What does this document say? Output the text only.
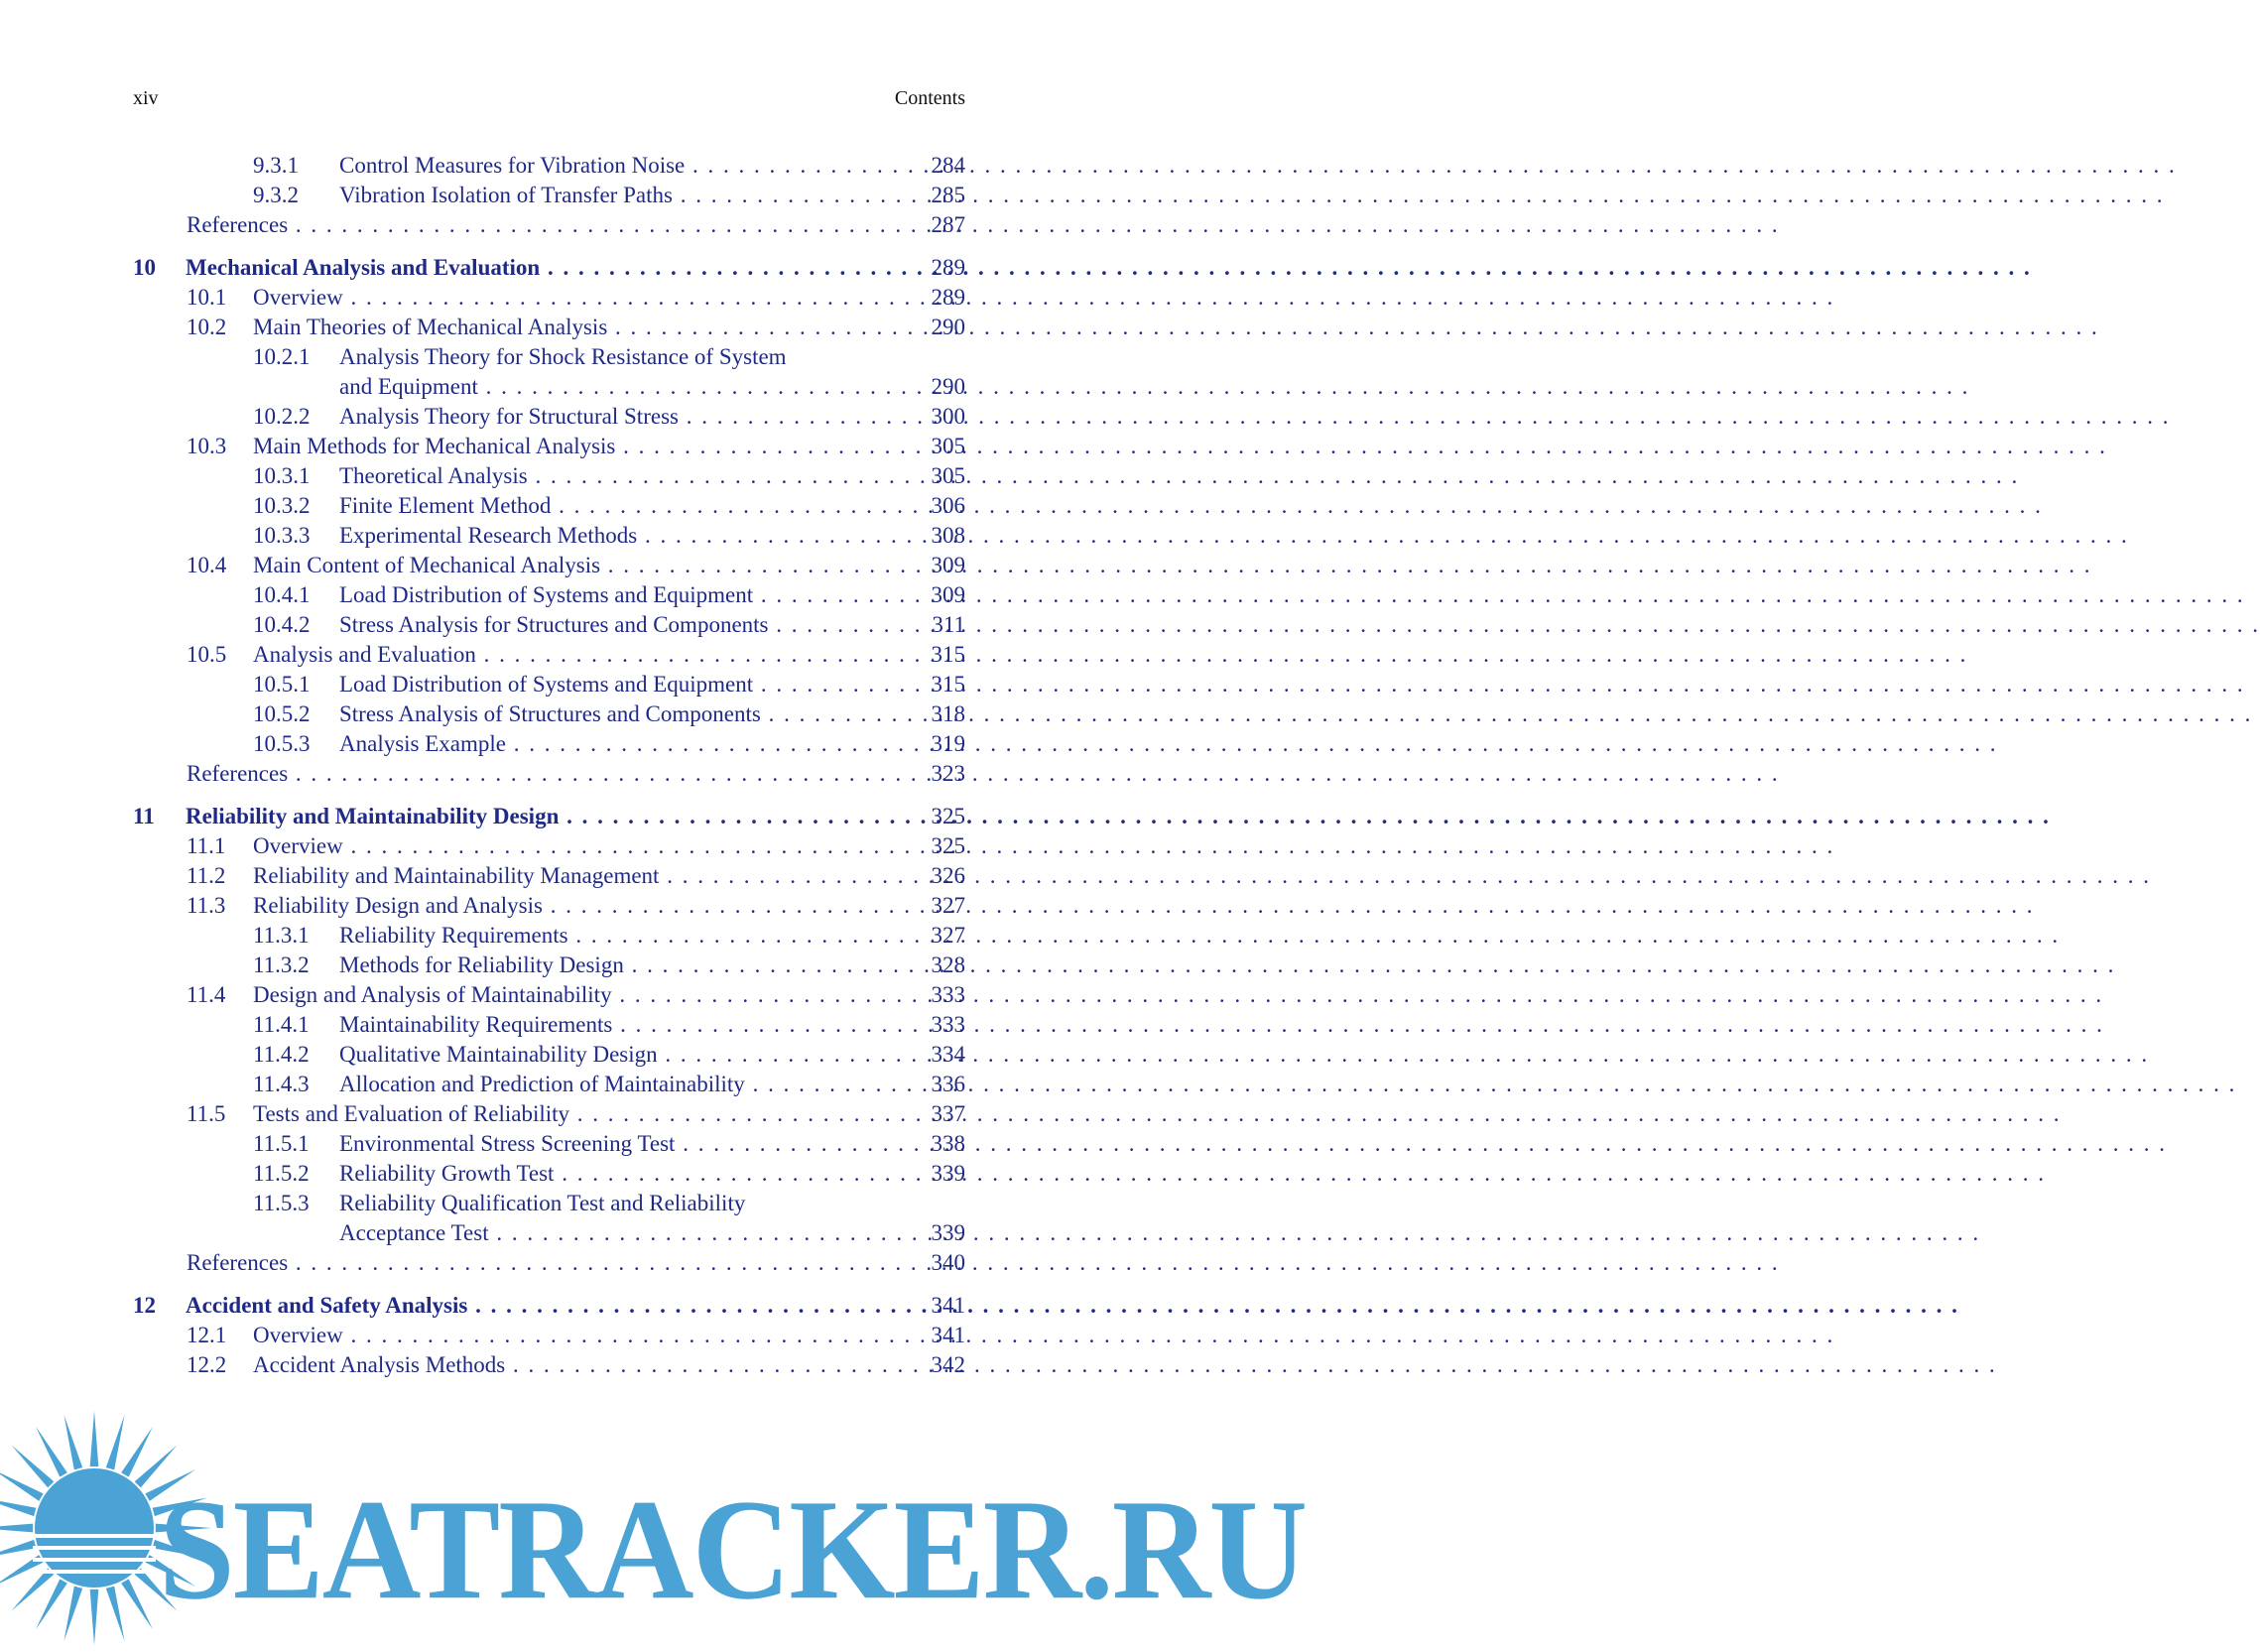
xiv	Contents
9.3.1 Control Measures for Vibration Noise . . .	284
9.3.2 Vibration Isolation of Transfer Paths . . .	285
References . . .	287
10 Mechanical Analysis and Evaluation . . .	289
10.1 Overview . . .	289
10.2 Main Theories of Mechanical Analysis . . .	290
10.2.1 Analysis Theory for Shock Resistance of System
and Equipment . . .	290
10.2.2 Analysis Theory for Structural Stress . . .	300
10.3 Main Methods for Mechanical Analysis . . .	305
10.3.1 Theoretical Analysis . . .	305
10.3.2 Finite Element Method . . .	306
10.3.3 Experimental Research Methods . . .	308
10.4 Main Content of Mechanical Analysis . . .	309
10.4.1 Load Distribution of Systems and Equipment . . .	309
10.4.2 Stress Analysis for Structures and Components . . .	311
10.5 Analysis and Evaluation . . .	315
10.5.1 Load Distribution of Systems and Equipment . . .	315
10.5.2 Stress Analysis of Structures and Components . . .	318
10.5.3 Analysis Example . . .	319
References . . .	323
11 Reliability and Maintainability Design . . .	325
11.1 Overview . . .	325
11.2 Reliability and Maintainability Management . . .	326
11.3 Reliability Design and Analysis . . .	327
11.3.1 Reliability Requirements . . .	327
11.3.2 Methods for Reliability Design . . .	328
11.4 Design and Analysis of Maintainability . . .	333
11.4.1 Maintainability Requirements . . .	333
11.4.2 Qualitative Maintainability Design . . .	334
11.4.3 Allocation and Prediction of Maintainability . . .	336
11.5 Tests and Evaluation of Reliability . . .	337
11.5.1 Environmental Stress Screening Test . . .	338
11.5.2 Reliability Growth Test . . .	339
11.5.3 Reliability Qualification Test and Reliability
Acceptance Test . . .	339
References . . .	340
12 Accident and Safety Analysis . . .	341
12.1 Overview . . .	341
12.2 Accident Analysis Methods . . .	342
SEATRACKER.RU
